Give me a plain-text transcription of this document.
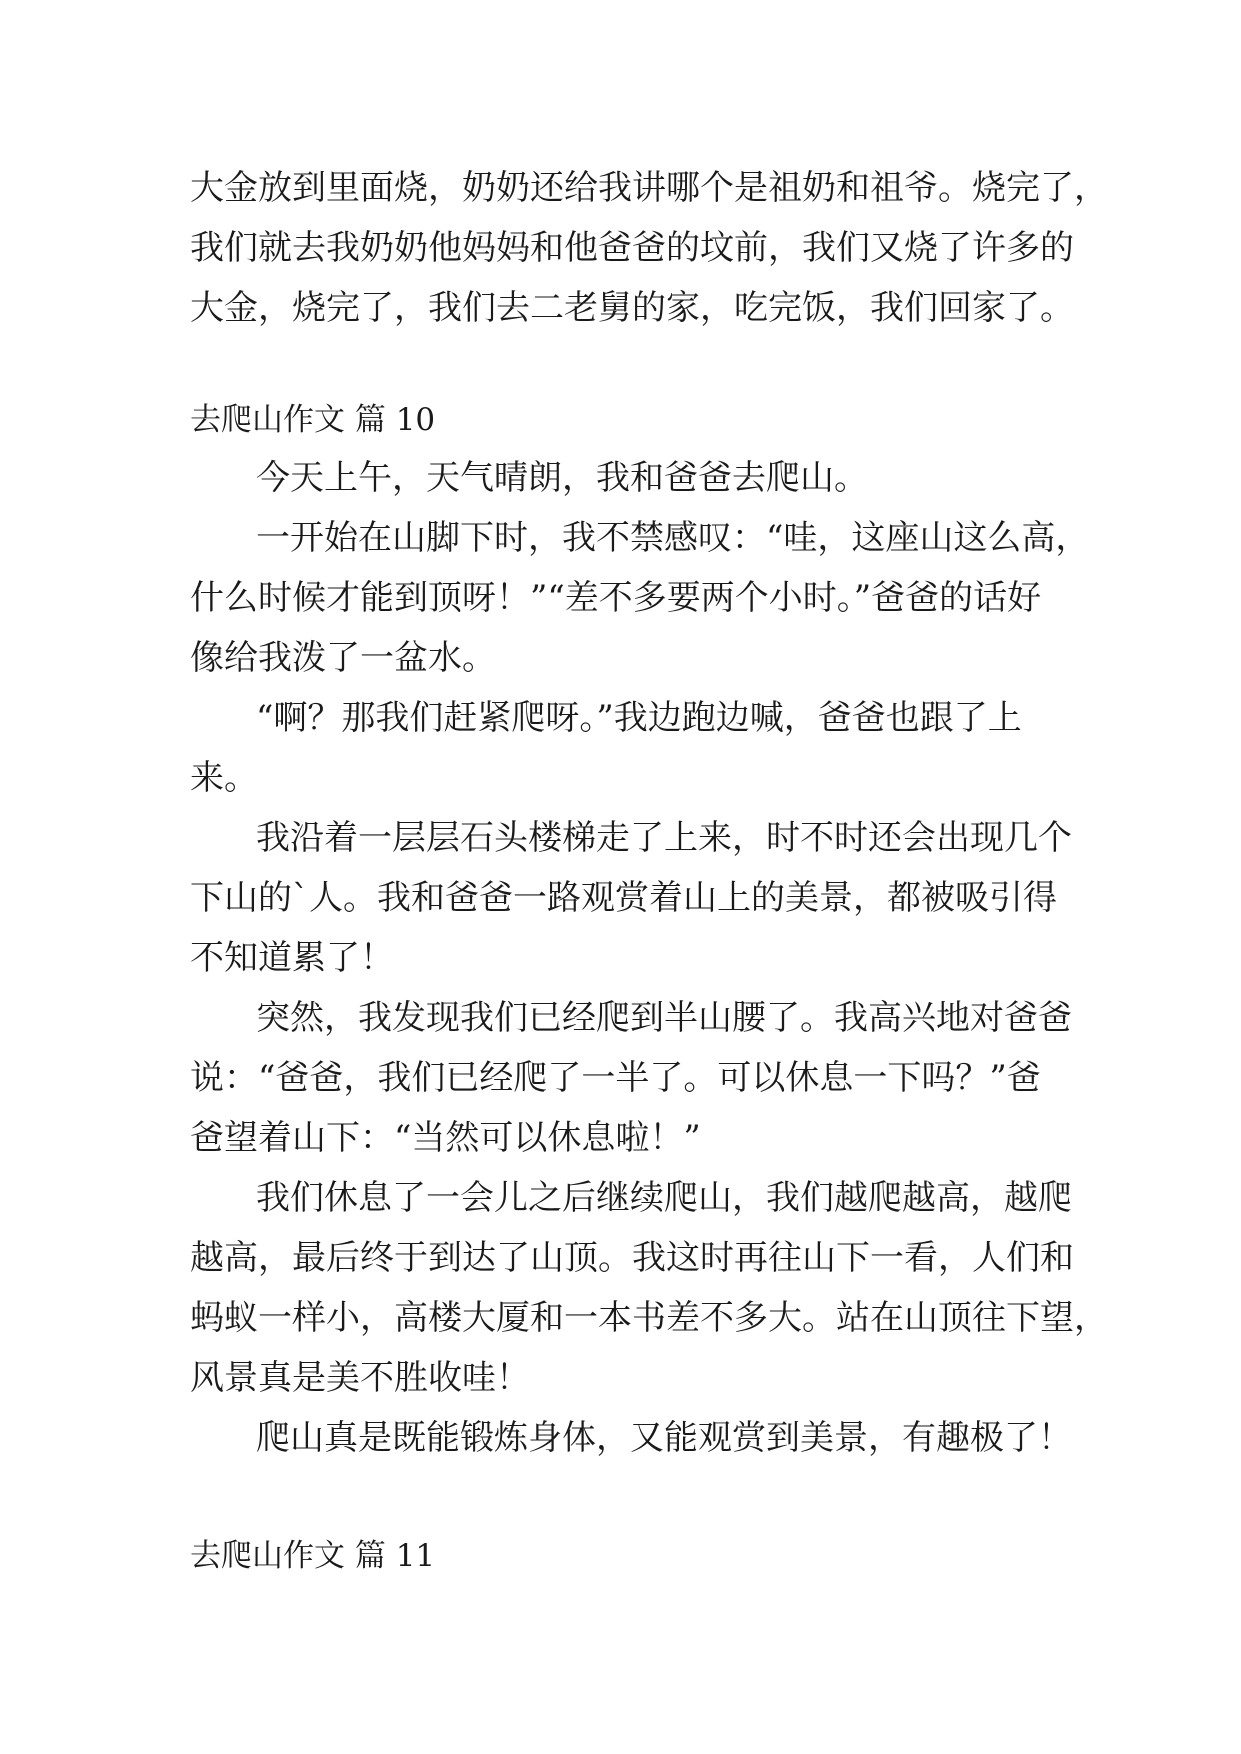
大金放到里面烧，奶奶还给我讲哪个是祖奶和祖爷。烧完了，
我们就去我奶奶他妈妈和他爸爸的坟前，我们又烧了许多的
大金，烧完了，我们去二老舅的家，吃完饭，我们回家了。
去爬山作文 篇 10
今天上午，天气晴朗，我和爸爸去爬山。
一开始在山脚下时，我不禁感叹：“哇，这座山这么高，
什么时候才能到顶呀！”“差不多要两个小时。”爸爸的话好
像给我泼了一盆水。
“啊？那我们赶紧爬呀。”我边跑边喊，爸爸也跟了上
来。
我沿着一层层石头楼梯走了上来，时不时还会出现几个
下山的`人。我和爸爸一路观赏着山上的美景，都被吸引得
不知道累了！
突然，我发现我们已经爬到半山腰了。我高兴地对爸爸
说：“爸爸，我们已经爬了一半了。可以休息一下吗？”爸
爸望着山下：“当然可以休息啦！”
我们休息了一会儿之后继续爬山，我们越爬越高，越爬
越高，最后终于到达了山顶。我这时再往山下一看，人们和
蚂蚁一样小，高楼大厦和一本书差不多大。站在山顶往下望，
风景真是美不胜收哇！
爬山真是既能锻炼身体，又能观赏到美景，有趣极了！
去爬山作文 篇 11
